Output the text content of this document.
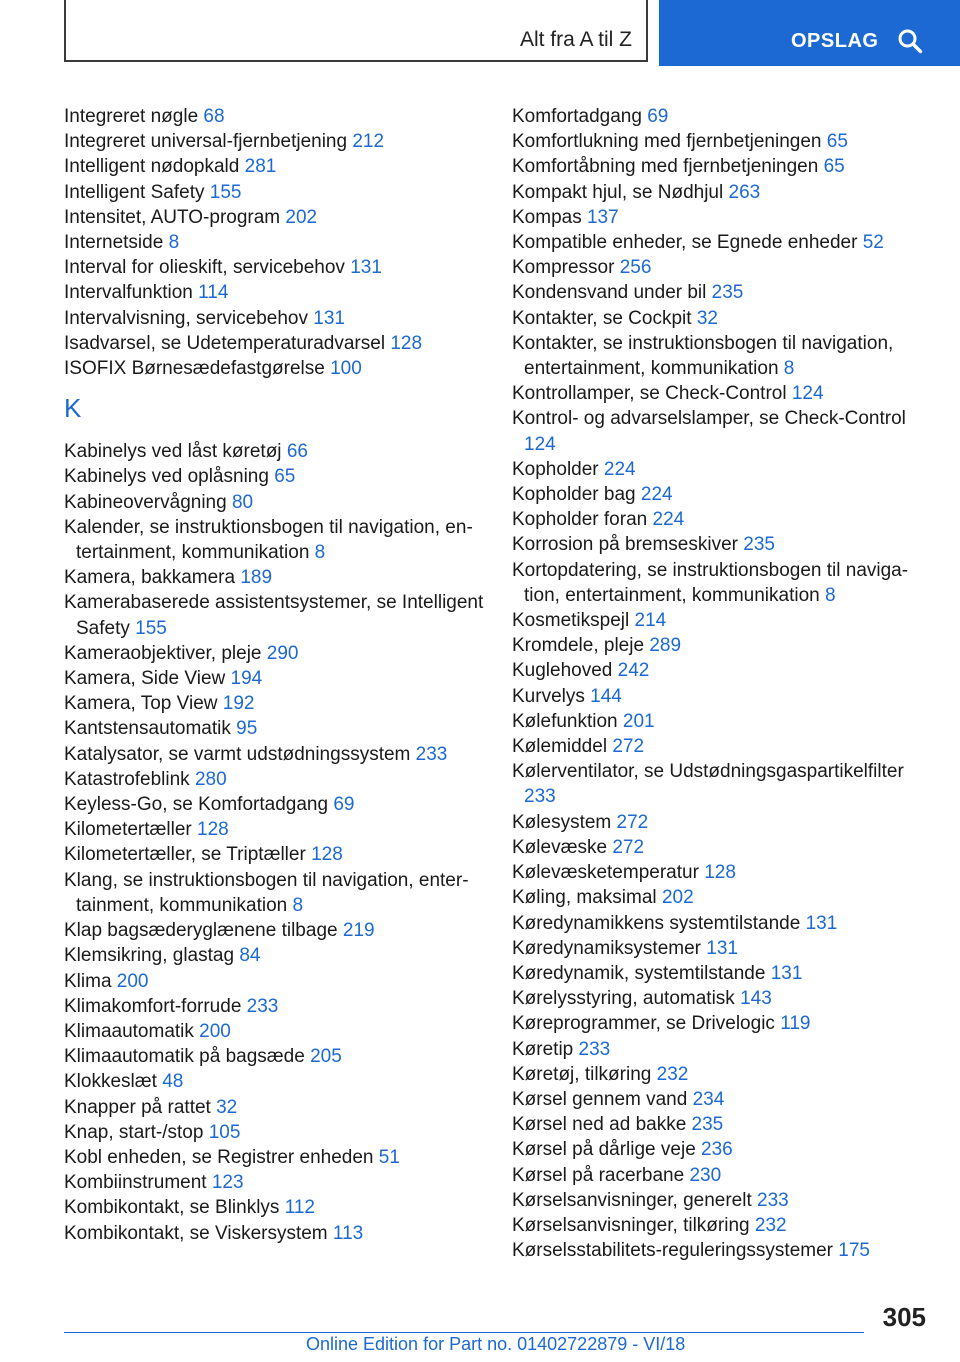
Alt fra A til Z	OPSLAG
Integreret nøgle 68
Integreret universal-fjernbetjening 212
Intelligent nødopkald 281
Intelligent Safety 155
Intensitet, AUTO-program 202
Internetside 8
Interval for olieskift, servicebehov 131
Intervalfunktion 114
Intervalvisning, servicebehov 131
Isadvarsel, se Udetemperaturadvarsel 128
ISOFIX Børnesædefastgørelse 100
K
Kabinelys ved låst køretøj 66
Kabinelys ved oplåsning 65
Kabineovervågning 80
Kalender, se instruktionsbogen til navigation, entertainment, kommunikation 8
Kamera, bakkamera 189
Kamerabaserede assistentsystemer, se Intelligent Safety 155
Kameraobjektiver, pleje 290
Kamera, Side View 194
Kamera, Top View 192
Kantstensautomatik 95
Katalysator, se varmt udstødningssystem 233
Katastrofeblink 280
Keyless-Go, se Komfortadgang 69
Kilometertæller 128
Kilometertæller, se Triptæller 128
Klang, se instruktionsbogen til navigation, entertainment, kommunikation 8
Klap bagsæderyglænene tilbage 219
Klemsikring, glastag 84
Klima 200
Klimakomfort-forrude 233
Klimaautomatik 200
Klimaautomatik på bagsæde 205
Klokkeslæt 48
Knapper på rattet 32
Knap, start-/stop 105
Kobl enheden, se Registrer enheden 51
Kombiinstrument 123
Kombikontakt, se Blinklys 112
Kombikontakt, se Viskersystem 113
Komfortadgang 69
Komfortlukning med fjernbetjeningen 65
Komfortåbning med fjernbetjeningen 65
Kompakt hjul, se Nødhjul 263
Kompas 137
Kompatible enheder, se Egnede enheder 52
Kompressor 256
Kondensvand under bil 235
Kontakter, se Cockpit 32
Kontakter, se instruktionsbogen til navigation, entertainment, kommunikation 8
Kontrollamper, se Check-Control 124
Kontrol- og advarselslamper, se Check-Control 124
Kopholder 224
Kopholder bag 224
Kopholder foran 224
Korrosion på bremseskiver 235
Kortopdatering, se instruktionsbogen til navigation, entertainment, kommunikation 8
Kosmetikspejl 214
Kromdele, pleje 289
Kuglehoved 242
Kurvelys 144
Kølefunktion 201
Kølemiddel 272
Kølerventilator, se Udstødningsgaspartikelfilter 233
Kølesystem 272
Kølevæske 272
Kølevæsketemperatur 128
Køling, maksimal 202
Køredynamikkens systemtilstande 131
Køredynamiksystemer 131
Køredynamik, systemtilstande 131
Kørelysstyring, automatisk 143
Køreprogrammer, se Drivelogic 119
Køretip 233
Køretøj, tilkøring 232
Kørsel gennem vand 234
Kørsel ned ad bakke 235
Kørsel på dårlige veje 236
Kørsel på racerbane 230
Kørselsanvisninger, generelt 233
Kørselsanvisninger, tilkøring 232
Kørselsstabilitets-reguleringssystemer 175
305
Online Edition for Part no. 01402722879 - VI/18
